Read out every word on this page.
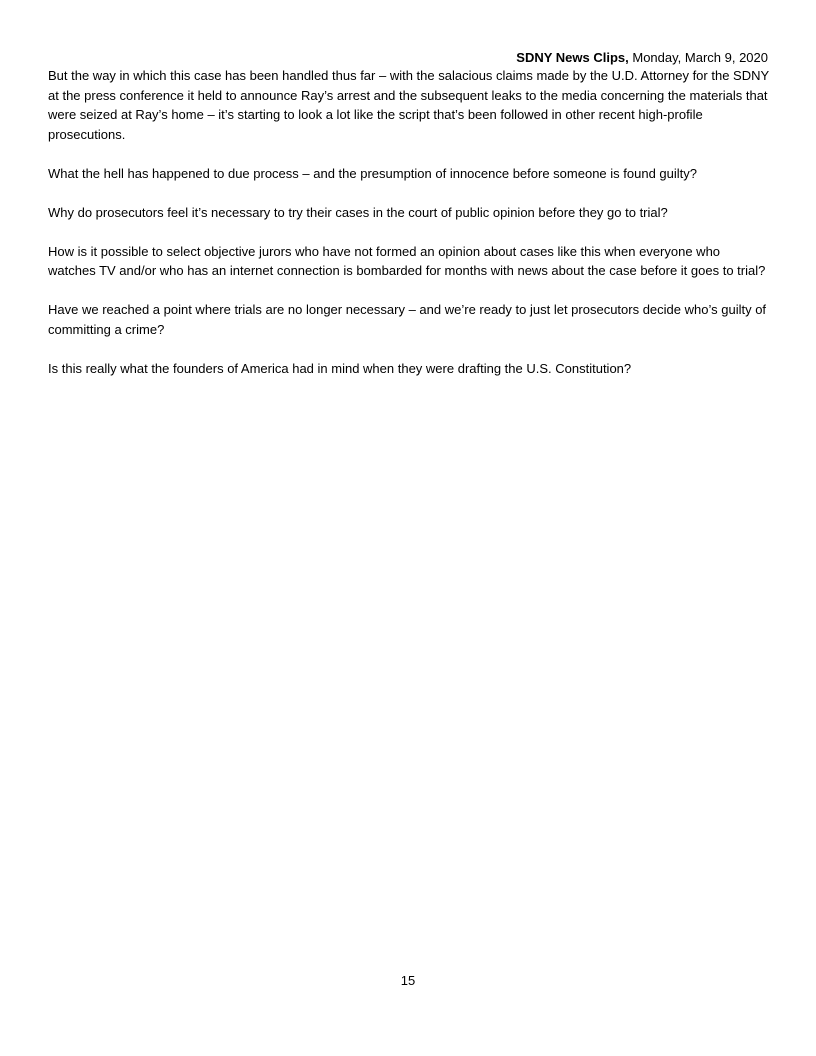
SDNY News Clips, Monday, March 9, 2020

But the way in which this case has been handled thus far – with the salacious claims made by the U.D. Attorney for the SDNY at the press conference it held to announce Ray’s arrest and the subsequent leaks to the media concerning the materials that were seized at Ray’s home – it’s starting to look a lot like the script that’s been followed in other recent high-profile prosecutions.

What the hell has happened to due process – and the presumption of innocence before someone is found guilty?

Why do prosecutors feel it’s necessary to try their cases in the court of public opinion before they go to trial?

How is it possible to select objective jurors who have not formed an opinion about cases like this when everyone who watches TV and/or who has an internet connection is bombarded for months with news about the case before it goes to trial?

Have we reached a point where trials are no longer necessary – and we’re ready to just let prosecutors decide who’s guilty of committing a crime?

Is this really what the founders of America had in mind when they were drafting the U.S. Constitution?

15
